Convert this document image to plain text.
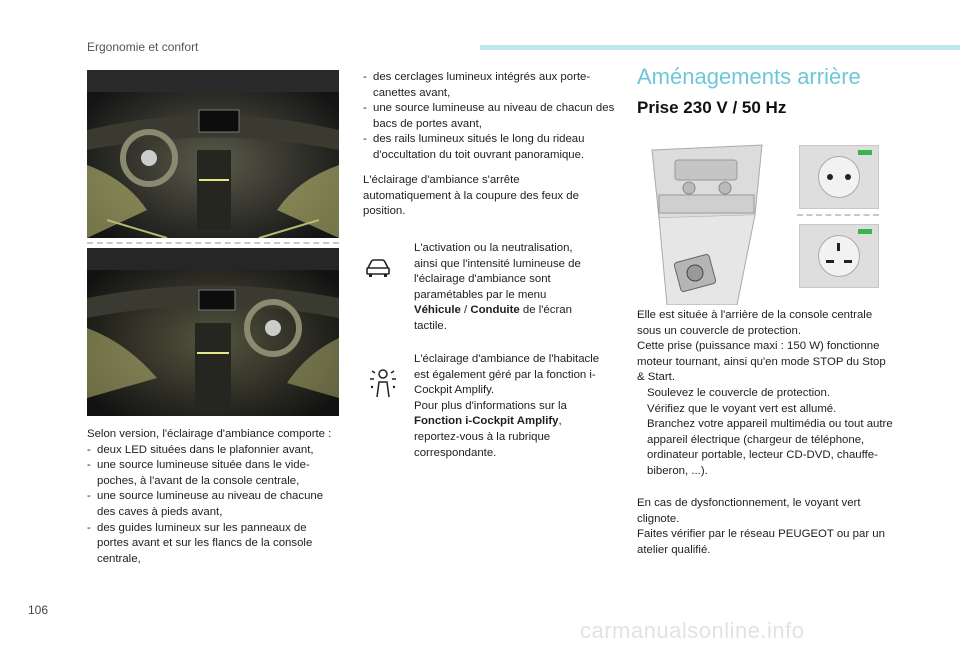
Ergonomie et confort

Selon version, l'éclairage d'ambiance comporte :

- deux LED situées dans le plafonnier avant,

- une source lumineuse située dans le vide-poches, à l'avant de la console centrale,

- une source lumineuse au niveau de chacune des caves à pieds avant,

- des guides lumineux sur les panneaux de portes avant et sur les flancs de la console centrale,

- des cerclages lumineux intégrés aux porte-canettes avant,

- une source lumineuse au niveau de chacun des bacs de portes avant,

- des rails lumineux situés le long du rideau d'occultation du toit ouvrant panoramique.

L'éclairage d'ambiance s'arrête automatiquement à la coupure des feux de position.
L'activation ou la neutralisation, ainsi que l'intensité lumineuse de l'éclairage d'ambiance sont paramétables par le menu Véhicule / Conduite de l'écran tactile.

L'éclairage d'ambiance de l'habitacle est également géré par la fonction i-Cockpit Amplify.

Pour plus d'informations sur la Fonction i-Cockpit Amplify, reportez-vous à la rubrique correspondante.

Aménagements arrière
Prise 230 V / 50 Hz

Elle est située à l'arrière de la console centrale sous un couvercle de protection.

Cette prise (puissance maxi : 150 W) fonctionne moteur tournant, ainsi qu'en mode STOP du Stop & Start.

Soulevez le couvercle de protection.

Vérifiez que le voyant vert est allumé.

Branchez votre appareil multimédia ou tout autre appareil électrique (chargeur de téléphone, ordinateur portable, lecteur CD-DVD, chauffe-biberon, ...).

En cas de dysfonctionnement, le voyant vert clignote.

Faites vérifier par le réseau PEUGEOT ou par un atelier qualifié.

106
carmanualsonline.info
